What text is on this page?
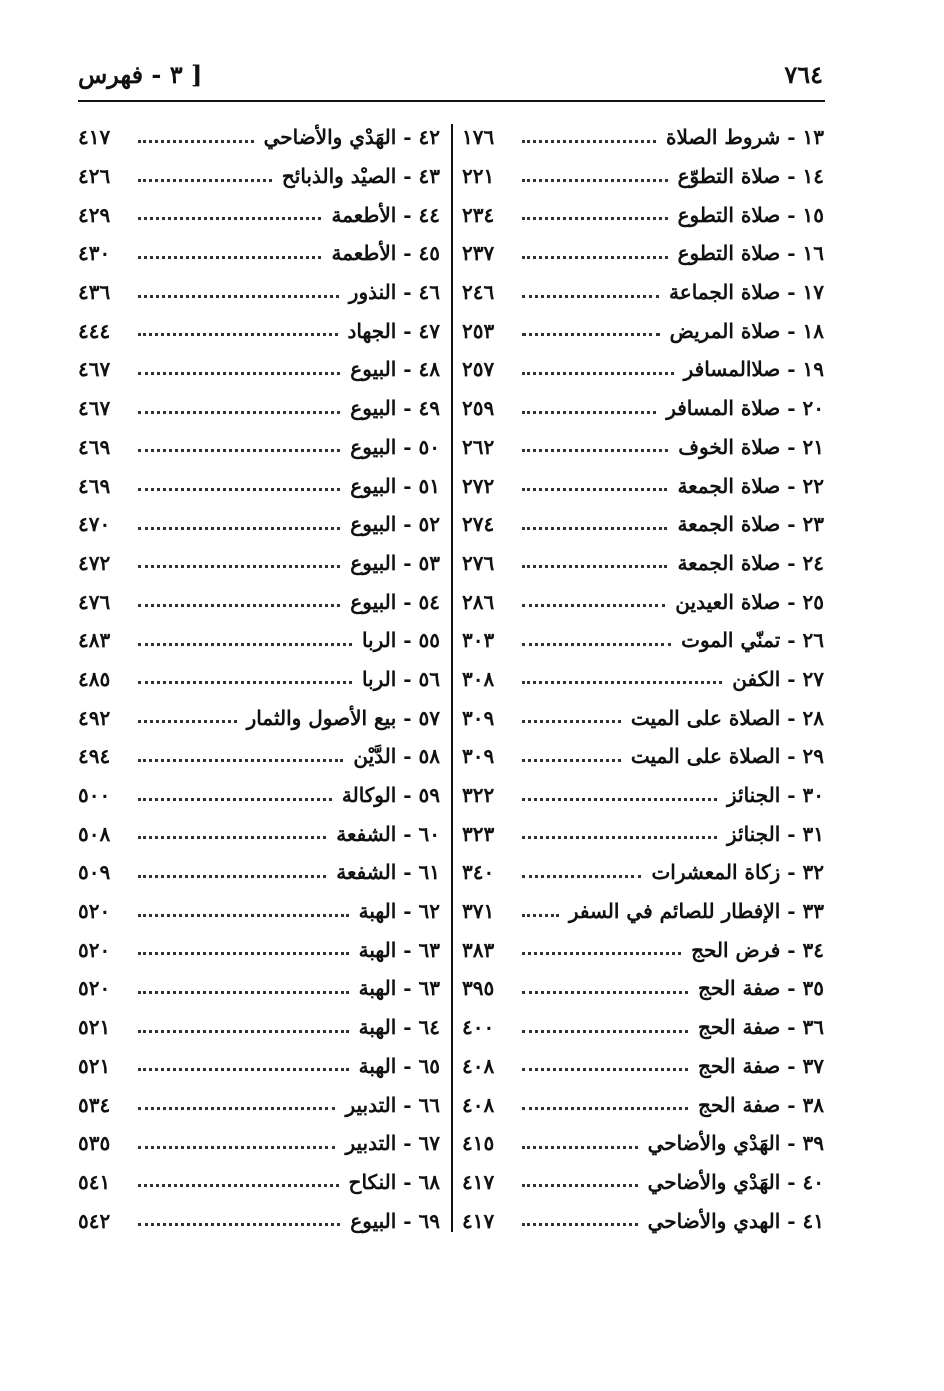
٧٦٤
[ ٣ - فهرس
١٣ - شروط الصلاة
١٧٦
١٤ - صلاة التطوّع
٢٢١
١٥ - صلاة التطوع
٢٣٤
١٦ - صلاة التطوع
٢٣٧
١٧ - صلاة الجماعة
٢٤٦
١٨ - صلاة المريض
٢٥٣
١٩ - صلاالمسافر
٢٥٧
٢٠ - صلاة المسافر
٢٥٩
٢١ - صلاة الخوف
٢٦٢
٢٢ - صلاة الجمعة
٢٧٢
٢٣ - صلاة الجمعة
٢٧٤
٢٤ - صلاة الجمعة
٢٧٦
٢٥ - صلاة العيدين
٢٨٦
٢٦ - تمنّي الموت
٣٠٣
٢٧ - الكفن
٣٠٨
٢٨ - الصلاة على الميت
٣٠٩
٢٩ - الصلاة على الميت
٣٠٩
٣٠ - الجنائز
٣٢٢
٣١ - الجنائز
٣٢٣
٣٢ - زكاة المعشرات
٣٤٠
٣٣ - الإفطار للصائم في السفر
٣٧١
٣٤ - فرض الحج
٣٨٣
٣٥ - صفة الحج
٣٩٥
٣٦ - صفة الحج
٤٠٠
٣٧ - صفة الحج
٤٠٨
٣٨ - صفة الحج
٤٠٨
٣٩ - الهَدْي والأضاحي
٤١٥
٤٠ - الهَدْي والأضاحي
٤١٧
٤١ - الهدي والأضاحي
٤١٧
٤٢ - الهَدْي والأضاحي
٤١٧
٤٣ - الصيْد والذبائح
٤٢٦
٤٤ - الأطعمة
٤٢٩
٤٥ - الأطعمة
٤٣٠
٤٦ - النذور
٤٣٦
٤٧ - الجهاد
٤٤٤
٤٨ - البيوع
٤٦٧
٤٩ - البيوع
٤٦٧
٥٠ - البيوع
٤٦٩
٥١ - البيوع
٤٦٩
٥٢ - البيوع
٤٧٠
٥٣ - البيوع
٤٧٢
٥٤ - البيوع
٤٧٦
٥٥ - الربا
٤٨٣
٥٦ - الربا
٤٨٥
٥٧ - بيع الأصول والثمار
٤٩٢
٥٨ - الدَّيْن
٤٩٤
٥٩ - الوكالة
٥٠٠
٦٠ - الشفعة
٥٠٨
٦١ - الشفعة
٥٠٩
٦٢ - الهبة
٥٢٠
٦٣ - الهبة
٥٢٠
٦٣ - الهبة
٥٢٠
٦٤ - الهبة
٥٢١
٦٥ - الهبة
٥٢١
٦٦ - التدبير
٥٣٤
٦٧ - التدبير
٥٣٥
٦٨ - النكاح
٥٤١
٦٩ - البيوع
٥٤٢
